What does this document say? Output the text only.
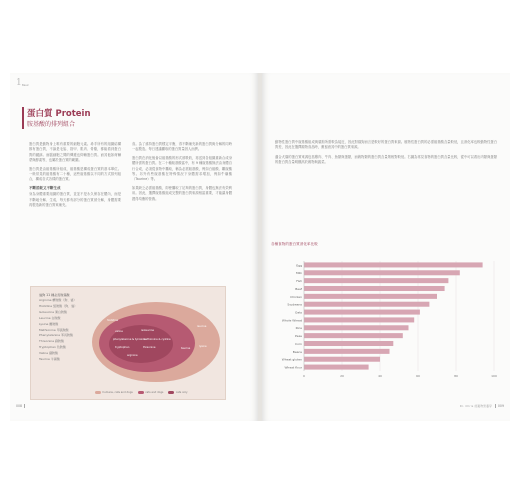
1 Basic
蛋白質 Protein
胺基酸的排列組合

蛋白質是動物身上唯有重要的細胞元素。尋手所有的組織結構都有蛋白質，不論是毛髮、指甲、肌肉、骨骼，都能看到蛋白質的蹤跡。而腦細胞之間的傳遞也仰賴蛋白質。而其他如荷爾蒙與酵素等，也屬於蛋白質的範圍。

蛋白質是由胺基酸所組成，胺基酸是構成蛋白質的基本單位。一般常見的胺基酸有二十種，這些胺基酸以不同的方式排列組合，構成各式各樣的蛋白質。

不斷消耗又不斷生成

身為身體重要組織的蛋白質，並並不是永久保存在體內，而是不斷地分解、生成，每天都有部分的蛋白質被分解，身體需要再製造新的蛋白質來補充。

食。為了維持蛋白質穩定平衡，得不斷補充新的蛋白質與分解的同時一起製造。每日建議攝取的蛋白質量因人而異。

蛋白質在消化後會以胺基酸的形式被吸收，再送到各組織重新合成身體所需的蛋白質。在二十種胺基酸當中，有 9 種胺基酸無法由身體自行合成，必須從食物中攝取，稱為必需胺基酸，例如白胺酸、離胺酸等。另外有些胺基酸在特殊情況下身體需求增加，例如牛磺酸（Taurine）等。

如果缺乏必需胺基酸，即使攝取了足夠的蛋白質，身體也無法有效利用。因此，選擇胺基酸組成完整的蛋白質來源相當重要，才能讓身體獲得均衡的營養。

貓狗 11 種必需胺基酸
Arginine 精胺酸（狗、貓）
Histidine 組胺酸（狗、貓）
Isoleucine 異白胺酸
Leucine 白胺酸
Lysine 離胺酸
Methionine 甲硫胺酸
Phenylalanine 苯丙胺酸
Threonine 蘇胺酸
Tryptophan 色胺酸
Valine 纈胺酸
Taurine 牛磺酸
histidine
leucine
lysine
valine	isoleucine
phenylalanine & tyrosine
methionine & cystine
tryptophan	threonine
arginine
taurine
humans, cats and dogs	cats and dogs	cats only
008

動物性蛋白質中胺基酸組成與貓狗所需較為接近，因此對貓狗而言是較好的蛋白質來源。植物性蛋白質的必需胺基酸含量較低，且消化率也較動物性蛋白質差，因此在選擇寵物食品時，應留意其中的蛋白質來源。

適合犬貓的蛋白質來源包括雞肉、牛肉、魚類與蛋類，而穀物類的蛋白質含量則相對較低。右圖為常見食物的蛋白質含量比較，從中可以看出肉類與蛋類的蛋白質含量明顯高於穀物與蔬菜。

各種食物的蛋白質消化率比較
0	20	40	60	80	100
Egg
Milk
Fish
Beef
Chicken
Soybeans
Oats
Whole Wheat
Rice
Peas
Corn
Beans
Wheat gluten
Wheat flour
Dr. Chris 的寵物營養學	009
